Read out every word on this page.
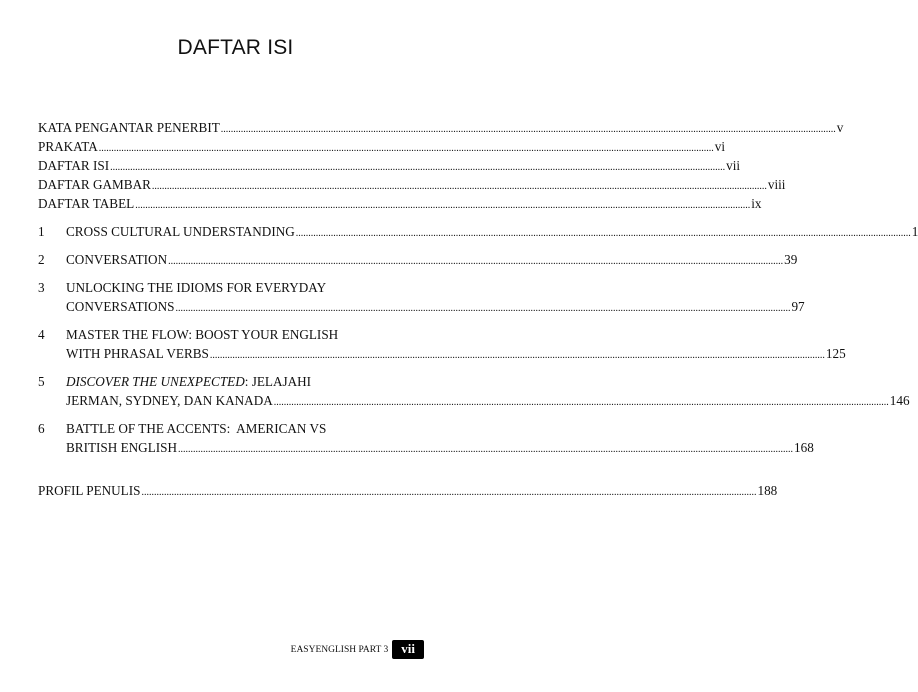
DAFTAR ISI
KATA PENGANTAR PENERBIT .....	v
PRAKATA .....	vi
DAFTAR ISI .....	vii
DAFTAR GAMBAR .....	viii
DAFTAR TABEL .....	ix
1	CROSS CULTURAL UNDERSTANDING .....	1
2	CONVERSATION .....	39
3	UNLOCKING THE IDIOMS FOR EVERYDAY
CONVERSATIONS .....	97
4	MASTER THE FLOW: BOOST YOUR ENGLISH
WITH PHRASAL VERBS .....	125
5	DISCOVER THE UNEXPECTED: JELAJAHI
JERMAN, SYDNEY, DAN KANADA .....	146
6	BATTLE OF THE ACCENTS:  AMERICAN VS
BRITISH ENGLISH .....	168
PROFIL PENULIS .....	188
EASYENGLISH PART 3	vii
